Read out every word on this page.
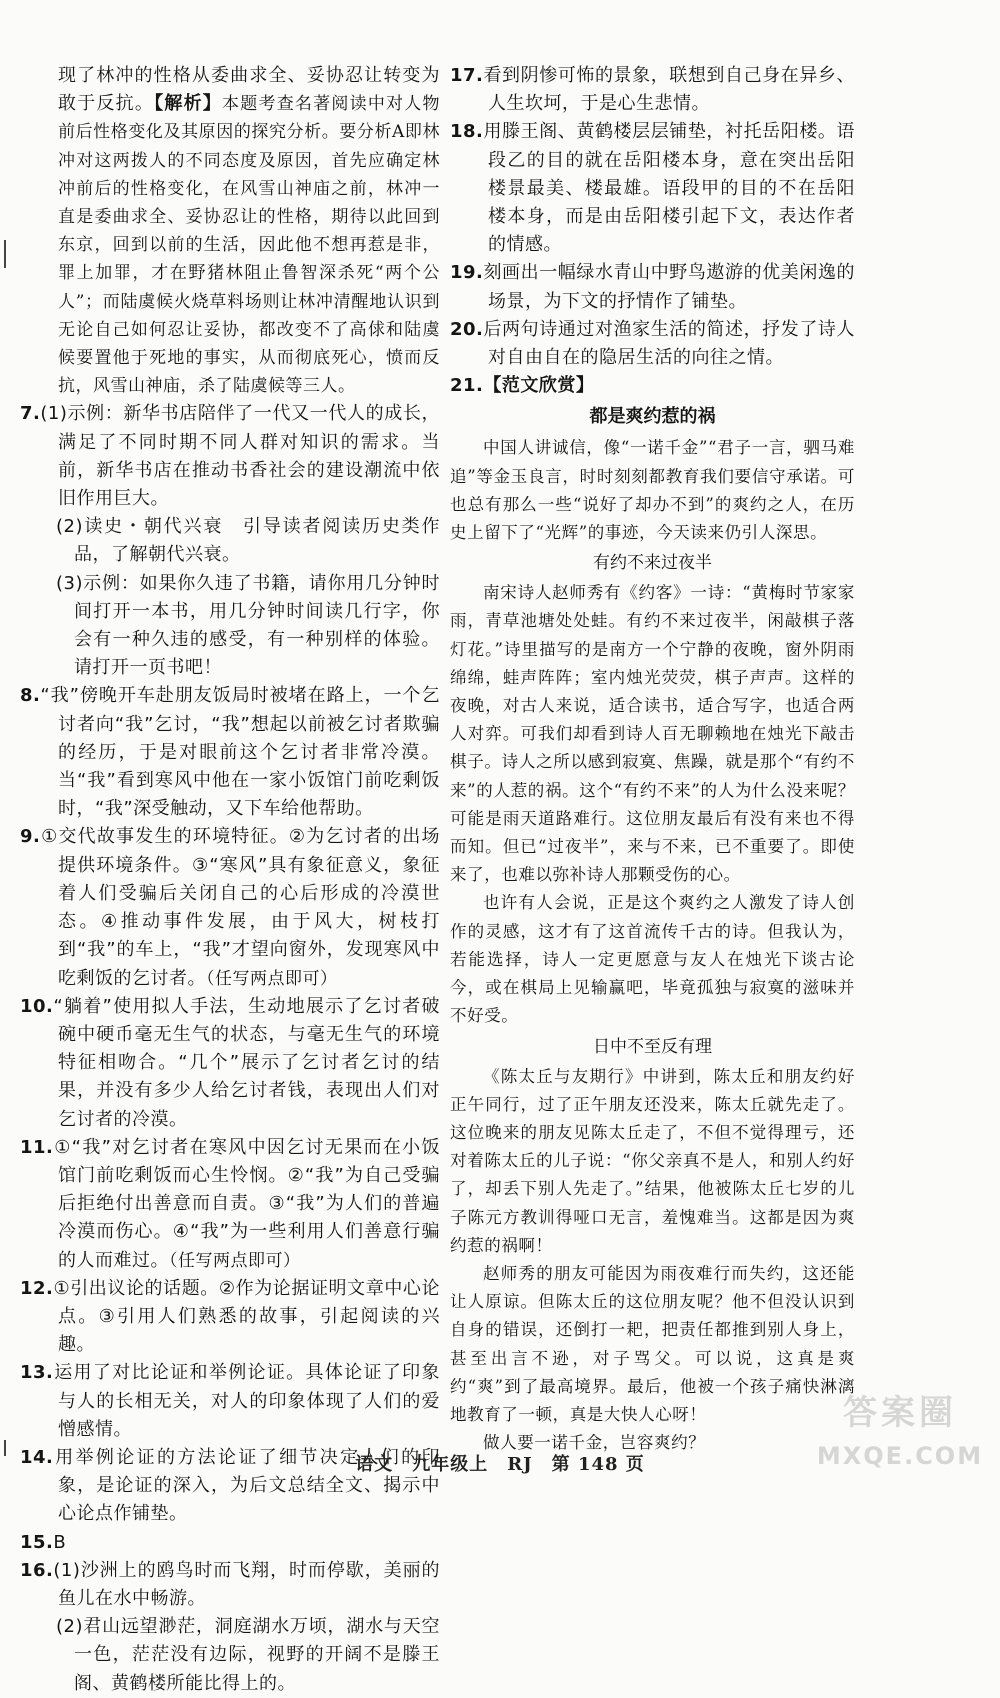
现了林冲的性格从委曲求全、妥协忍让转变为敢于反抗。【解析】本题考查名著阅读中对人物前后性格变化及其原因的探究分析。要分析A即林冲对这两拨人的不同态度及原因，首先应确定林冲前后的性格变化，在风雪山神庙之前，林冲一直是委曲求全、妥协忍让的性格，期待以此回到东京，回到以前的生活，因此他不想再惹是非，罪上加罪，才在野猪林阻止鲁智深杀死“两个公人”；而陆虞候火烧草料场则让林冲清醒地认识到无论自己如何忍让妥协，都改变不了高俅和陆虞候要置他于死地的事实，从而彻底死心，愤而反抗，风雪山神庙，杀了陆虞候等三人。

7.(1)示例：新华书店陪伴了一代又一代人的成长，满足了不同时期不同人群对知识的需求。当前，新华书店在推动书香社会的建设潮流中依旧作用巨大。

(2)读史・朝代兴衰　引导读者阅读历史类作品，了解朝代兴衰。

(3)示例：如果你久违了书籍，请你用几分钟时间打开一本书，用几分钟时间读几行字，你会有一种久违的感受，有一种别样的体验。请打开一页书吧！

8.“我”傍晚开车赴朋友饭局时被堵在路上，一个乞讨者向“我”乞讨，“我”想起以前被乞讨者欺骗的经历，于是对眼前这个乞讨者非常冷漠。当“我”看到寒风中他在一家小饭馆门前吃剩饭时，“我”深受触动，又下车给他帮助。

9.①交代故事发生的环境特征。②为乞讨者的出场提供环境条件。③“寒风”具有象征意义，象征着人们受骗后关闭自己的心后形成的冷漠世态。④推动事件发展，由于风大，树枝打到“我”的车上，“我”才望向窗外，发现寒风中吃剩饭的乞讨者。（任写两点即可）

10.“躺着”使用拟人手法，生动地展示了乞讨者破碗中硬币毫无生气的状态，与毫无生气的环境特征相吻合。“几个”展示了乞讨者乞讨的结果，并没有多少人给乞讨者钱，表现出人们对乞讨者的冷漠。

11.①“我”对乞讨者在寒风中因乞讨无果而在小饭馆门前吃剩饭而心生怜悯。②“我”为自己受骗后拒绝付出善意而自责。③“我”为人们的普遍冷漠而伤心。④“我”为一些利用人们善意行骗的人而难过。（任写两点即可）

12.①引出议论的话题。②作为论据证明文章中心论点。③引用人们熟悉的故事，引起阅读的兴趣。

13.运用了对比论证和举例论证。具体论证了印象与人的长相无关，对人的印象体现了人们的爱憎感情。

14.用举例论证的方法论证了细节决定人们的印象，是论证的深入，为后文总结全文、揭示中心论点作铺垫。

15.B

16.(1)沙洲上的鸥鸟时而飞翔，时而停歇，美丽的鱼儿在水中畅游。

(2)君山远望渺茫，洞庭湖水万顷，湖水与天空一色，茫茫没有边际，视野的开阔不是滕王阁、黄鹤楼所能比得上的。

17.看到阴惨可怖的景象，联想到自己身在异乡、人生坎坷，于是心生悲情。

18.用滕王阁、黄鹤楼层层铺垫，衬托岳阳楼。语段乙的目的就在岳阳楼本身，意在突出岳阳楼景最美、楼最雄。语段甲的目的不在岳阳楼本身，而是由岳阳楼引起下文，表达作者的情感。

19.刻画出一幅绿水青山中野鸟遨游的优美闲逸的场景，为下文的抒情作了铺垫。

20.后两句诗通过对渔家生活的简述，抒发了诗人对自由自在的隐居生活的向往之情。

21.【范文欣赏】

都是爽约惹的祸

中国人讲诚信，像“一诺千金”“君子一言，驷马难追”等金玉良言，时时刻刻都教育我们要信守承诺。可也总有那么一些“说好了却办不到”的爽约之人，在历史上留下了“光辉”的事迹，今天读来仍引人深思。

有约不来过夜半

南宋诗人赵师秀有《约客》一诗：“黄梅时节家家雨，青草池塘处处蛙。有约不来过夜半，闲敲棋子落灯花。”诗里描写的是南方一个宁静的夜晚，窗外阴雨绵绵，蛙声阵阵；室内烛光荧荧，棋子声声。这样的夜晚，对古人来说，适合读书，适合写字，也适合两人对弈。可我们却看到诗人百无聊赖地在烛光下敲击棋子。诗人之所以感到寂寞、焦躁，就是那个“有约不来”的人惹的祸。这个“有约不来”的人为什么没来呢？可能是雨天道路难行。这位朋友最后有没有来也不得而知。但已“过夜半”，来与不来，已不重要了。即使来了，也难以弥补诗人那颗受伤的心。

也许有人会说，正是这个爽约之人激发了诗人创作的灵感，这才有了这首流传千古的诗。但我认为，若能选择，诗人一定更愿意与友人在烛光下谈古论今，或在棋局上见输赢吧，毕竟孤独与寂寞的滋味并不好受。

日中不至反有理

《陈太丘与友期行》中讲到，陈太丘和朋友约好正午同行，过了正午朋友还没来，陈太丘就先走了。这位晚来的朋友见陈太丘走了，不但不觉得理亏，还对着陈太丘的儿子说：“你父亲真不是人，和别人约好了，却丢下别人先走了。”结果，他被陈太丘七岁的儿子陈元方教训得哑口无言，羞愧难当。这都是因为爽约惹的祸啊！

赵师秀的朋友可能因为雨夜难行而失约，这还能让人原谅。但陈太丘的这位朋友呢？他不但没认识到自身的错误，还倒打一耙，把责任都推到别人身上，甚至出言不逊，对子骂父。可以说，这真是爽约“爽”到了最高境界。最后，他被一个孩子痛快淋漓地教育了一顿，真是大快人心呀！

做人要一诺千金，岂容爽约？

语文　九年级上　RJ　第 148 页
答案圈
MXQE.COM
